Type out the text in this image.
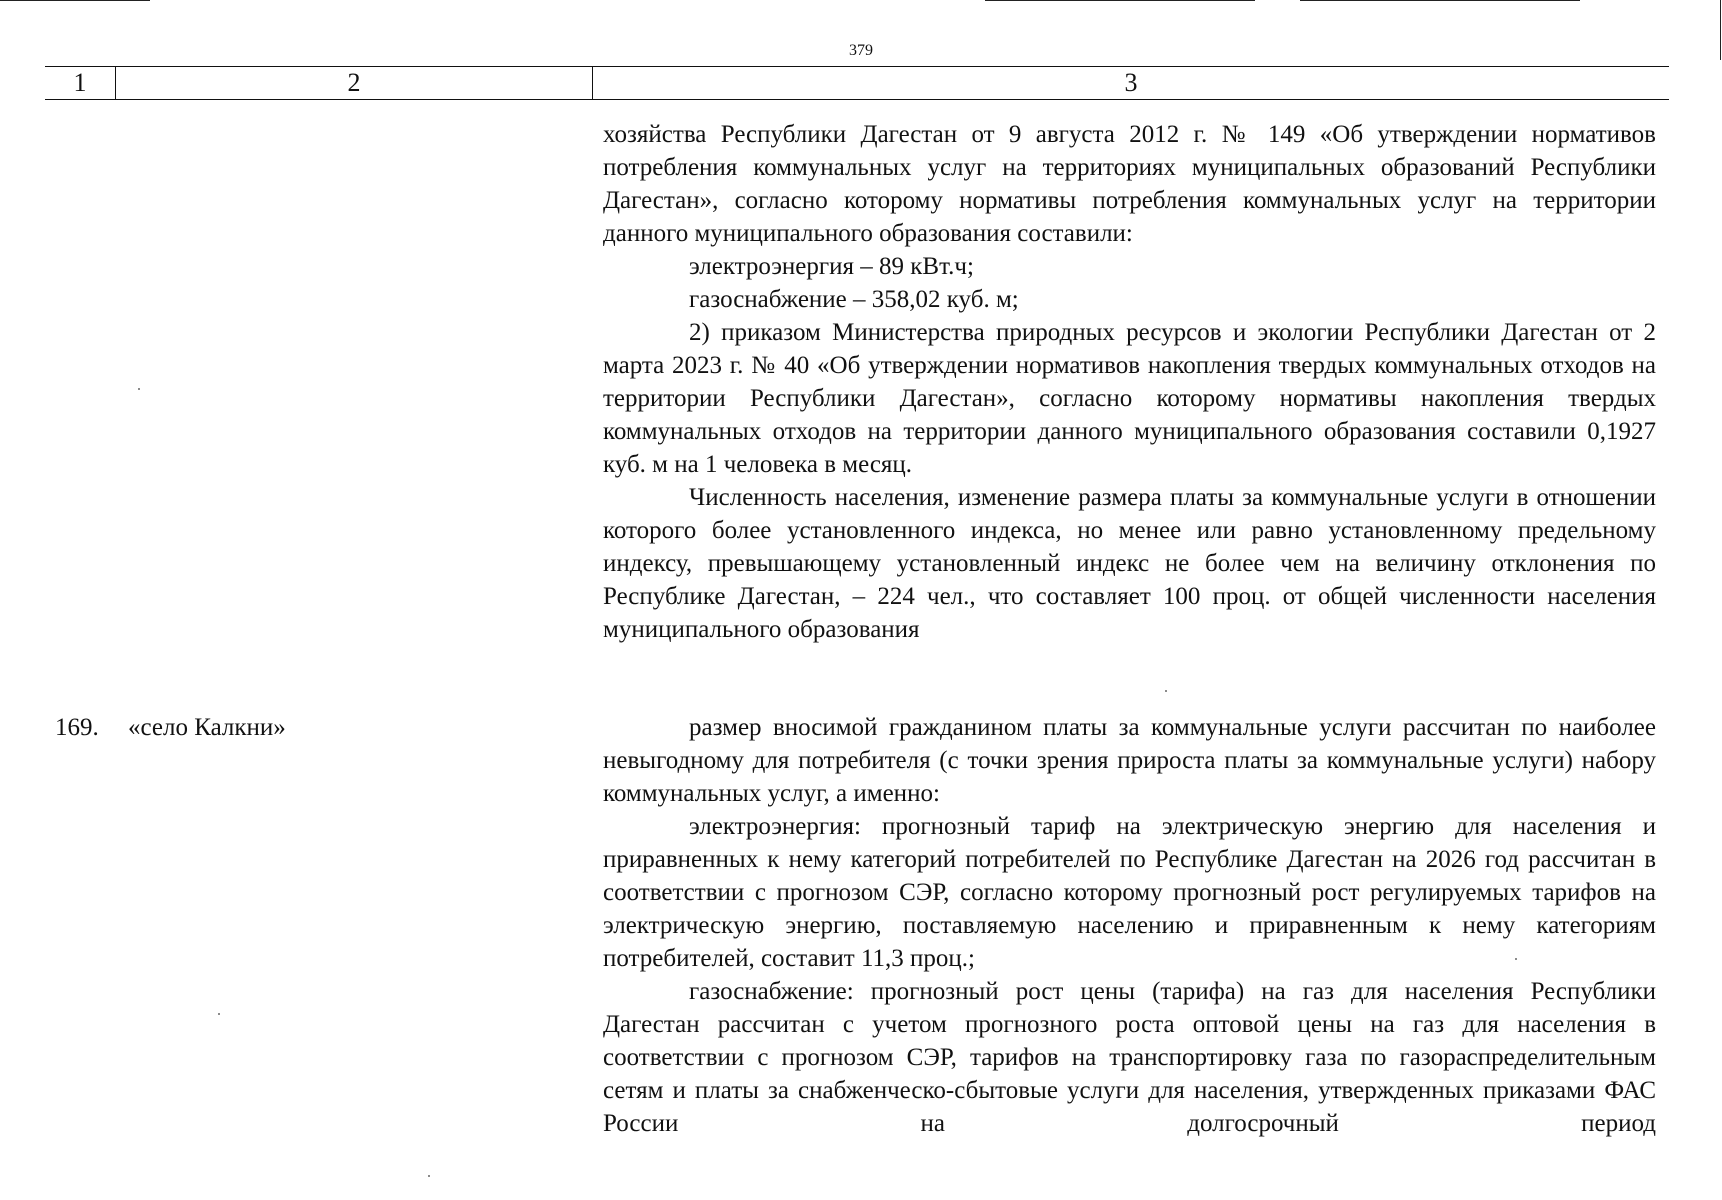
379
1	2	3

хозяйства Республики Дагестан от 9 августа 2012 г. № 149 «Об утверждении нормативов потребления коммунальных услуг на территориях муниципальных образований Республики Дагестан», согласно которому нормативы потребления коммунальных услуг на территории данного муниципального образования составили:

электроэнергия – 89 кВт.ч;

газоснабжение – 358,02 куб. м;

2) приказом Министерства природных ресурсов и экологии Республики Дагестан от 2 марта 2023 г. № 40 «Об утверждении нормативов накопления твердых коммунальных отходов на территории Республики Дагестан», согласно которому нормативы накопления твердых коммунальных отходов на территории данного муниципального образования составили 0,1927 куб. м на 1 человека в месяц.

Численность населения, изменение размера платы за коммунальные услуги в отношении которого более установленного индекса, но менее или равно установленному предельному индексу, превышающему установленный индекс не более чем на величину отклонения по Республике Дагестан, – 224 чел., что составляет 100 проц. от общей численности населения муниципального образования

169.	«село Калкни»	размер вносимой гражданином платы за коммунальные услуги рассчитан по наиболее невыгодному для потребителя (с точки зрения прироста платы за коммунальные услуги) набору коммунальных услуг, а именно:

электроэнергия: прогнозный тариф на электрическую энергию для населения и приравненных к нему категорий потребителей по Республике Дагестан на 2026 год рассчитан в соответствии с прогнозом СЭР, согласно которому прогнозный рост регулируемых тарифов на электрическую энергию, поставляемую населению и приравненным к нему категориям потребителей, составит 11,3 проц.;

газоснабжение: прогнозный рост цены (тарифа) на газ для населения Республики Дагестан рассчитан с учетом прогнозного роста оптовой цены на газ для населения в соответствии с прогнозом СЭР, тарифов на транспортировку газа по газораспределительным сетям и платы за снабженческо-сбытовые услуги для населения, утвержденных приказами ФАС России на долгосрочный период
